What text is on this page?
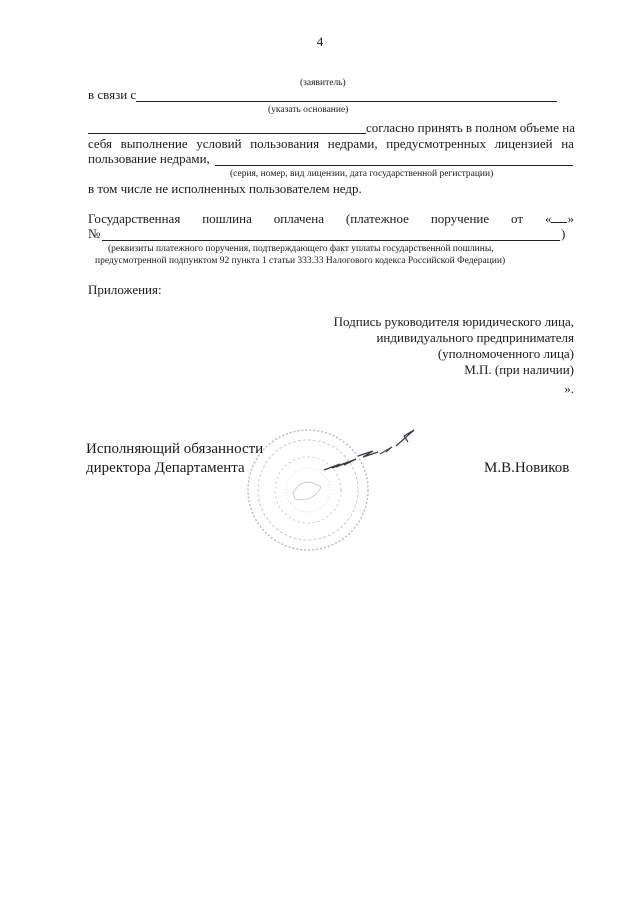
4
(заявитель)
в связи с
(указать основание)
согласно принять в полном объеме на
себя выполнение условий пользования недрами, предусмотренных лицензией на
пользование недрами,
(серия, номер, вид лицензии, дата государственной регистрации)
в том числе не исполненных пользователем недр.
Государственная пошлина оплачена (платежное поручение от « »
№	)
(реквизиты платежного поручения, подтверждающего факт уплаты государственной пошлины,
предусмотренной подпунктом 92 пункта 1 статьи 333.33 Налогового кодекса Российской Федерации)
Приложения:
Подпись руководителя юридического лица,
индивидуального предпринимателя
(уполномоченного лица)
М.П. (при наличии)
».
Исполняющий обязанности
директора Департамента	М.В.Новиков
